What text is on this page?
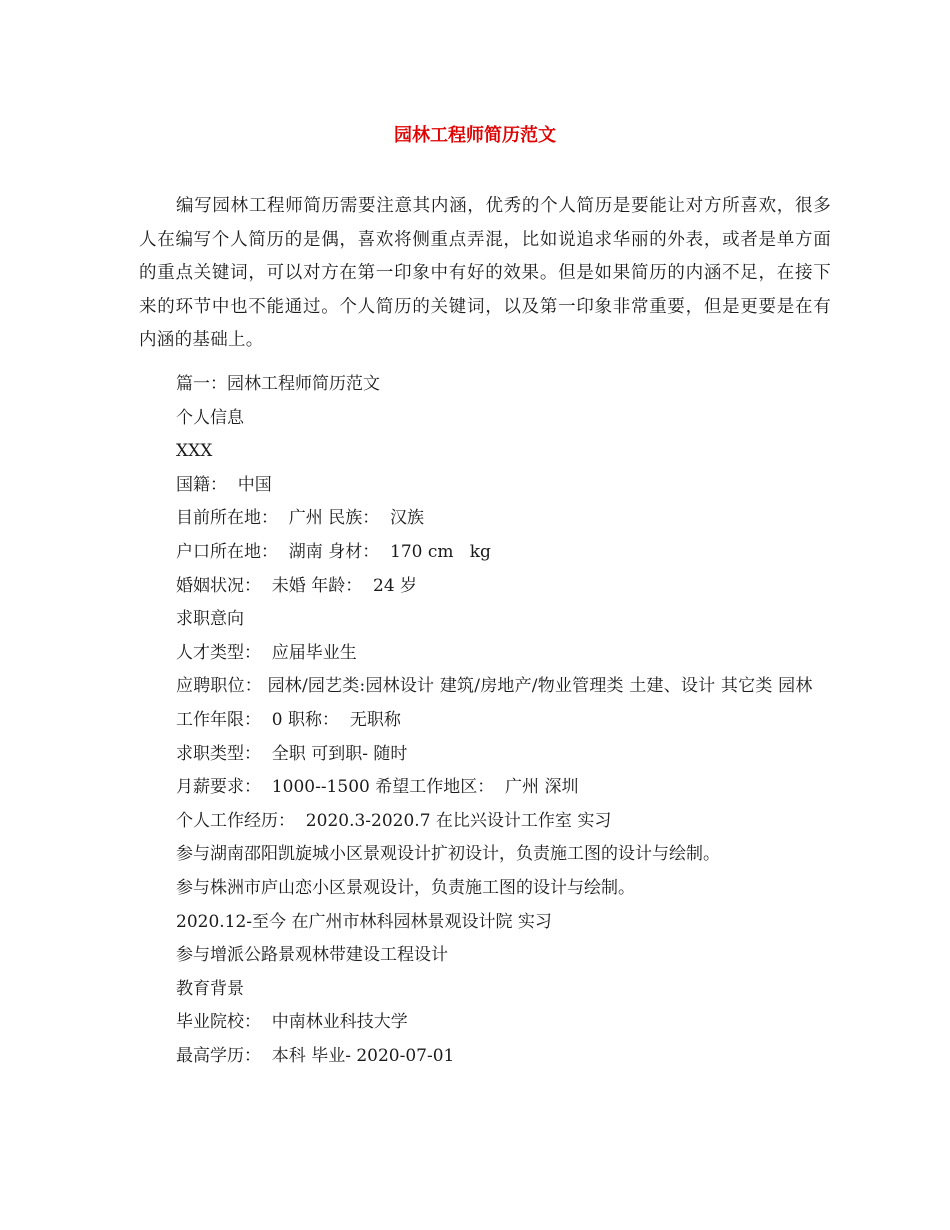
园林工程师简历范文

编写园林工程师简历需要注意其内涵，优秀的个人简历是要能让对方所喜欢，很多人在编写个人简历的是偶，喜欢将侧重点弄混，比如说追求华丽的外表，或者是单方面的重点关键词，可以对方在第一印象中有好的效果。但是如果简历的内涵不足，在接下来的环节中也不能通过。个人简历的关键词，以及第一印象非常重要，但是更要是在有内涵的基础上。

篇一：园林工程师简历范文
个人信息
XXX
国籍：  中国
目前所在地：  广州 民族：  汉族
户口所在地：  湖南 身材：  170 cm   kg
婚姻状况：  未婚 年龄：  24 岁
求职意向
人才类型：  应届毕业生
应聘职位： 园林/园艺类:园林设计 建筑/房地产/物业管理类 土建、设计 其它类 园林
工作年限：  0 职称：  无职称
求职类型：  全职 可到职- 随时
月薪要求：  1000--1500 希望工作地区：  广州 深圳
个人工作经历：  2020.3-2020.7 在比兴设计工作室 实习
参与湖南邵阳凯旋城小区景观设计扩初设计，负责施工图的设计与绘制。
参与株洲市庐山恋小区景观设计，负责施工图的设计与绘制。
2020.12-至今 在广州市林科园林景观设计院 实习
参与增派公路景观林带建设工程设计
教育背景
毕业院校：  中南林业科技大学
最高学历：  本科 毕业- 2020-07-01
